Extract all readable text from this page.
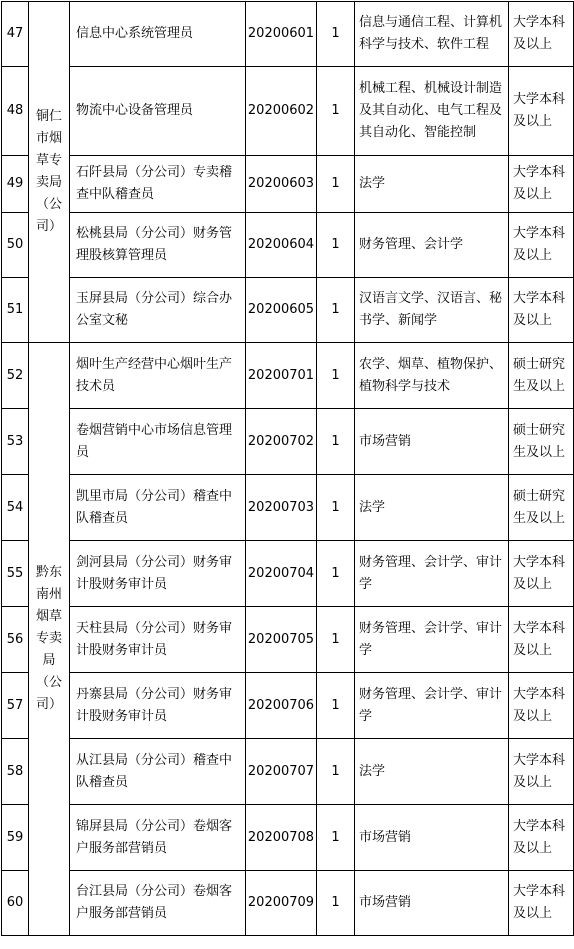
47	铜仁市烟草专卖局（公司）	信息中心系统管理员	20200601	1	信息与通信工程、计算机科学与技术、软件工程	大学本科及以上
48		物流中心设备管理员	20200602	1	机械工程、机械设计制造及其自动化、电气工程及其自动化、智能控制	大学本科及以上
49		石阡县局（分公司）专卖稽查中队稽查员	20200603	1	法学	大学本科及以上
50		松桃县局（分公司）财务管理股核算管理员	20200604	1	财务管理、会计学	大学本科及以上
51		玉屏县局（分公司）综合办公室文秘	20200605	1	汉语言文学、汉语言、秘书学、新闻学	大学本科及以上
52	黔东南州烟草专卖局（公司）	烟叶生产经营中心烟叶生产技术员	20200701	1	农学、烟草、植物保护、植物科学与技术	硕士研究生及以上
53		卷烟营销中心市场信息管理员	20200702	1	市场营销	硕士研究生及以上
54		凯里市局（分公司）稽查中队稽查员	20200703	1	法学	硕士研究生及以上
55		剑河县局（分公司）财务审计股财务审计员	20200704	1	财务管理、会计学、审计学	大学本科及以上
56		天柱县局（分公司）财务审计股财务审计员	20200705	1	财务管理、会计学、审计学	大学本科及以上
57		丹寨县局（分公司）财务审计股财务审计员	20200706	1	财务管理、会计学、审计学	大学本科及以上
58		从江县局（分公司）稽查中队稽查员	20200707	1	法学	大学本科及以上
59		锦屏县局（分公司）卷烟客户服务部营销员	20200708	1	市场营销	大学本科及以上
60		台江县局（分公司）卷烟客户服务部营销员	20200709	1	市场营销	大学本科及以上
